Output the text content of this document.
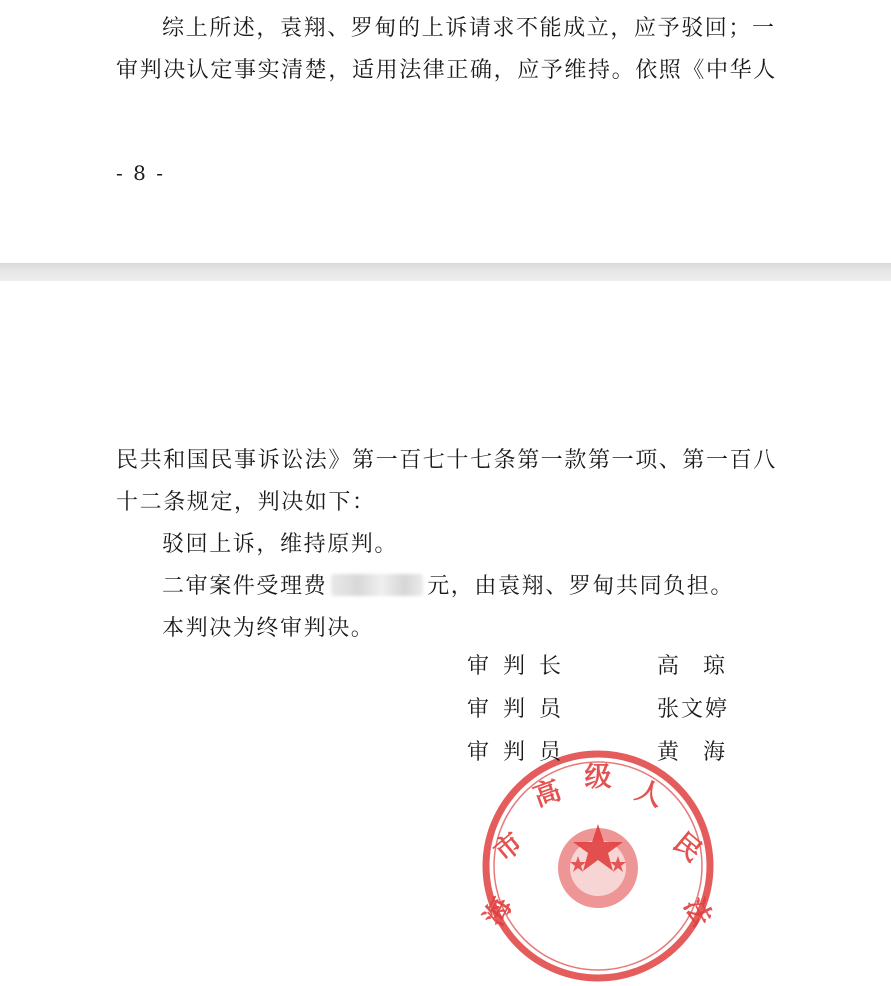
综上所述，袁翔、罗甸的上诉请求不能成立，应予驳回；一
审判决认定事实清楚，适用法律正确，应予维持。依照《中华人
- 8 -
民共和国民事诉讼法》第一百七十七条第一款第一项、第一百八
十二条规定，判决如下：
驳回上诉，维持原判。
二审案件受理费	元，由袁翔、罗甸共同负担。
本判决为终审判决。
海
市
高 级 人
民
法
审判长	高琼
审判员	张文婷
审判员	黄海
